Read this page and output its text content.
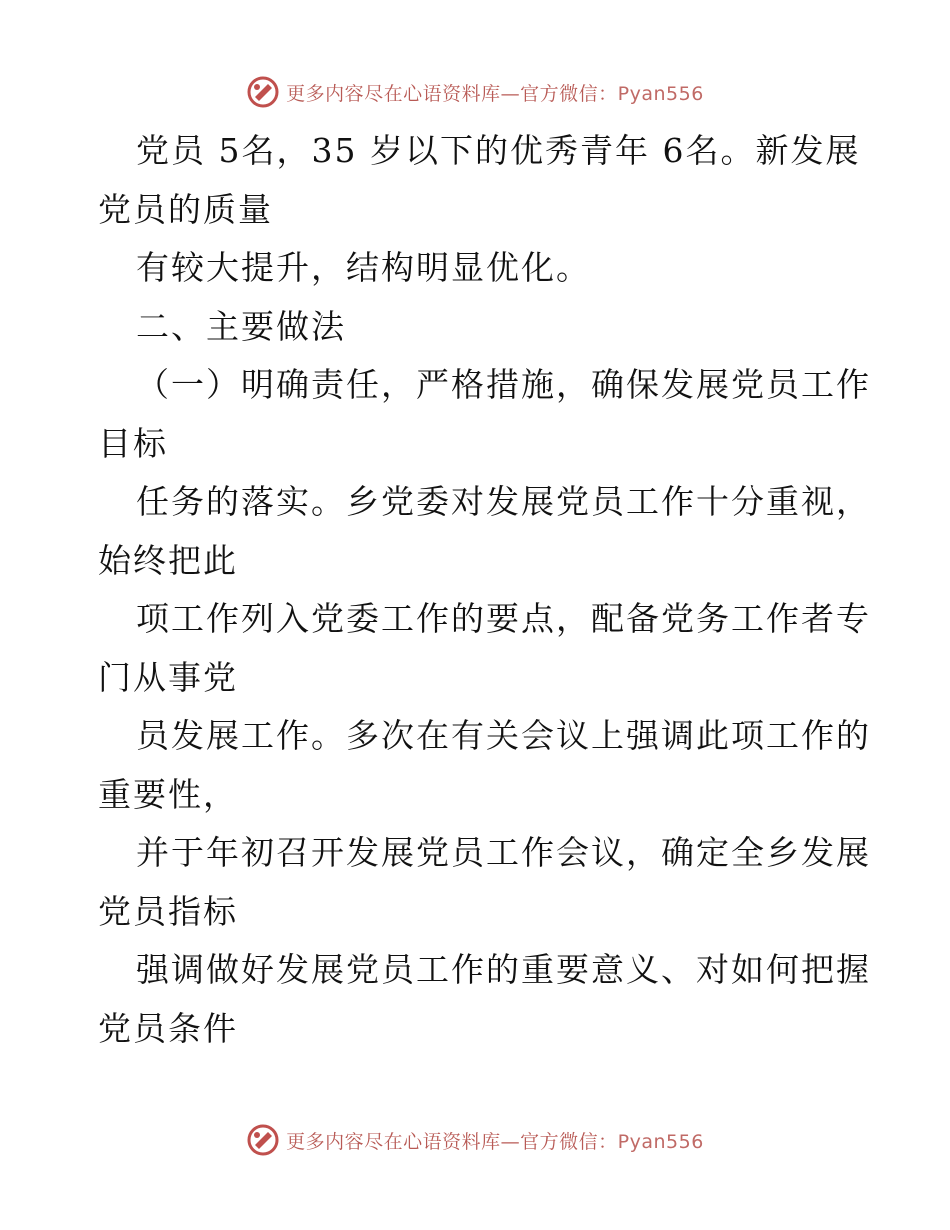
更多内容尽在心语资料库—官方微信：Pyan556
党员 5名，35 岁以下的优秀青年 6名。新发展
党员的质量
有较大提升，结构明显优化。
二、主要做法
（一）明确责任，严格措施，确保发展党员工作
目标
任务的落实。乡党委对发展党员工作十分重视，
始终把此
项工作列入党委工作的要点，配备党务工作者专
门从事党
员发展工作。多次在有关会议上强调此项工作的
重要性，
并于年初召开发展党员工作会议，确定全乡发展
党员指标
强调做好发展党员工作的重要意义、对如何把握
党员条件
更多内容尽在心语资料库—官方微信：Pyan556
